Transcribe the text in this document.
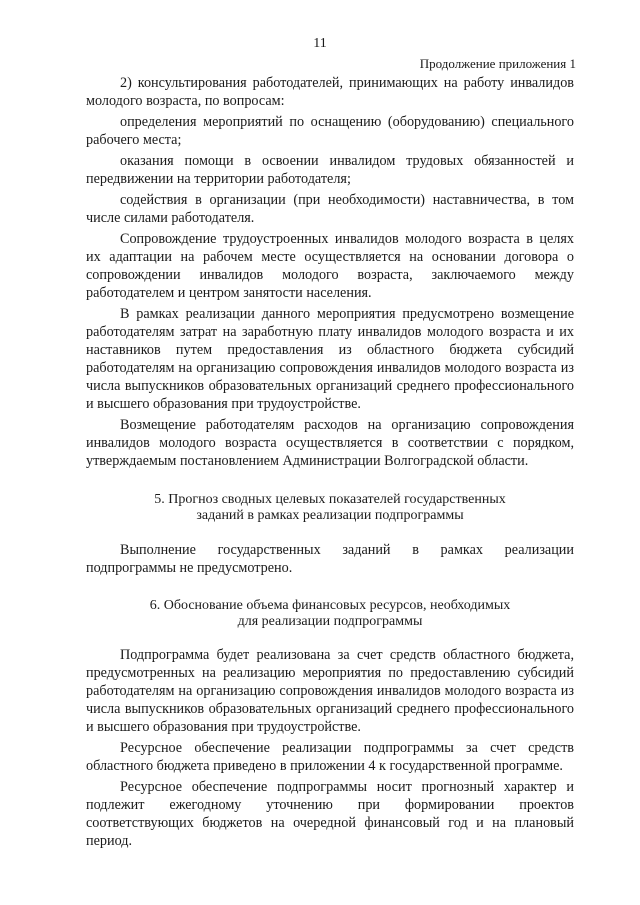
11
Продолжение приложения 1

2) консультирования работодателей, принимающих на работу инвалидов молодого возраста, по вопросам:

определения мероприятий по оснащению (оборудованию) специального рабочего места;

оказания помощи в освоении инвалидом трудовых обязанностей и передвижении на территории работодателя;

содействия в организации (при необходимости) наставничества, в том числе силами работодателя.

Сопровождение трудоустроенных инвалидов молодого возраста в целях их адаптации на рабочем месте осуществляется на основании договора о сопровождении инвалидов молодого возраста, заключаемого между работодателем и центром занятости населения.

В рамках реализации данного мероприятия предусмотрено возмещение работодателям затрат на заработную плату инвалидов молодого возраста и их наставников путем предоставления из областного бюджета субсидий работодателям на организацию сопровождения инвалидов молодого возраста из числа выпускников образовательных организаций среднего профессионального и высшего образования при трудоустройстве.

Возмещение работодателям расходов на организацию сопровождения инвалидов молодого возраста осуществляется в соответствии с порядком, утверждаемым постановлением Администрации Волгоградской области.

5. Прогноз сводных целевых показателей государственных
заданий в рамках реализации подпрограммы

Выполнение государственных заданий в рамках реализации подпрограммы не предусмотрено.

6. Обоснование объема финансовых ресурсов, необходимых
для реализации подпрограммы

Подпрограмма будет реализована за счет средств областного бюджета, предусмотренных на реализацию мероприятия по предоставлению субсидий работодателям на организацию сопровождения инвалидов молодого возраста из числа выпускников образовательных организаций среднего профессионального и высшего образования при трудоустройстве.

Ресурсное обеспечение реализации подпрограммы за счет средств областного бюджета приведено в приложении 4 к государственной программе.

Ресурсное обеспечение подпрограммы носит прогнозный характер и подлежит ежегодному уточнению при формировании проектов соответствующих бюджетов на очередной финансовый год и на плановый период.
